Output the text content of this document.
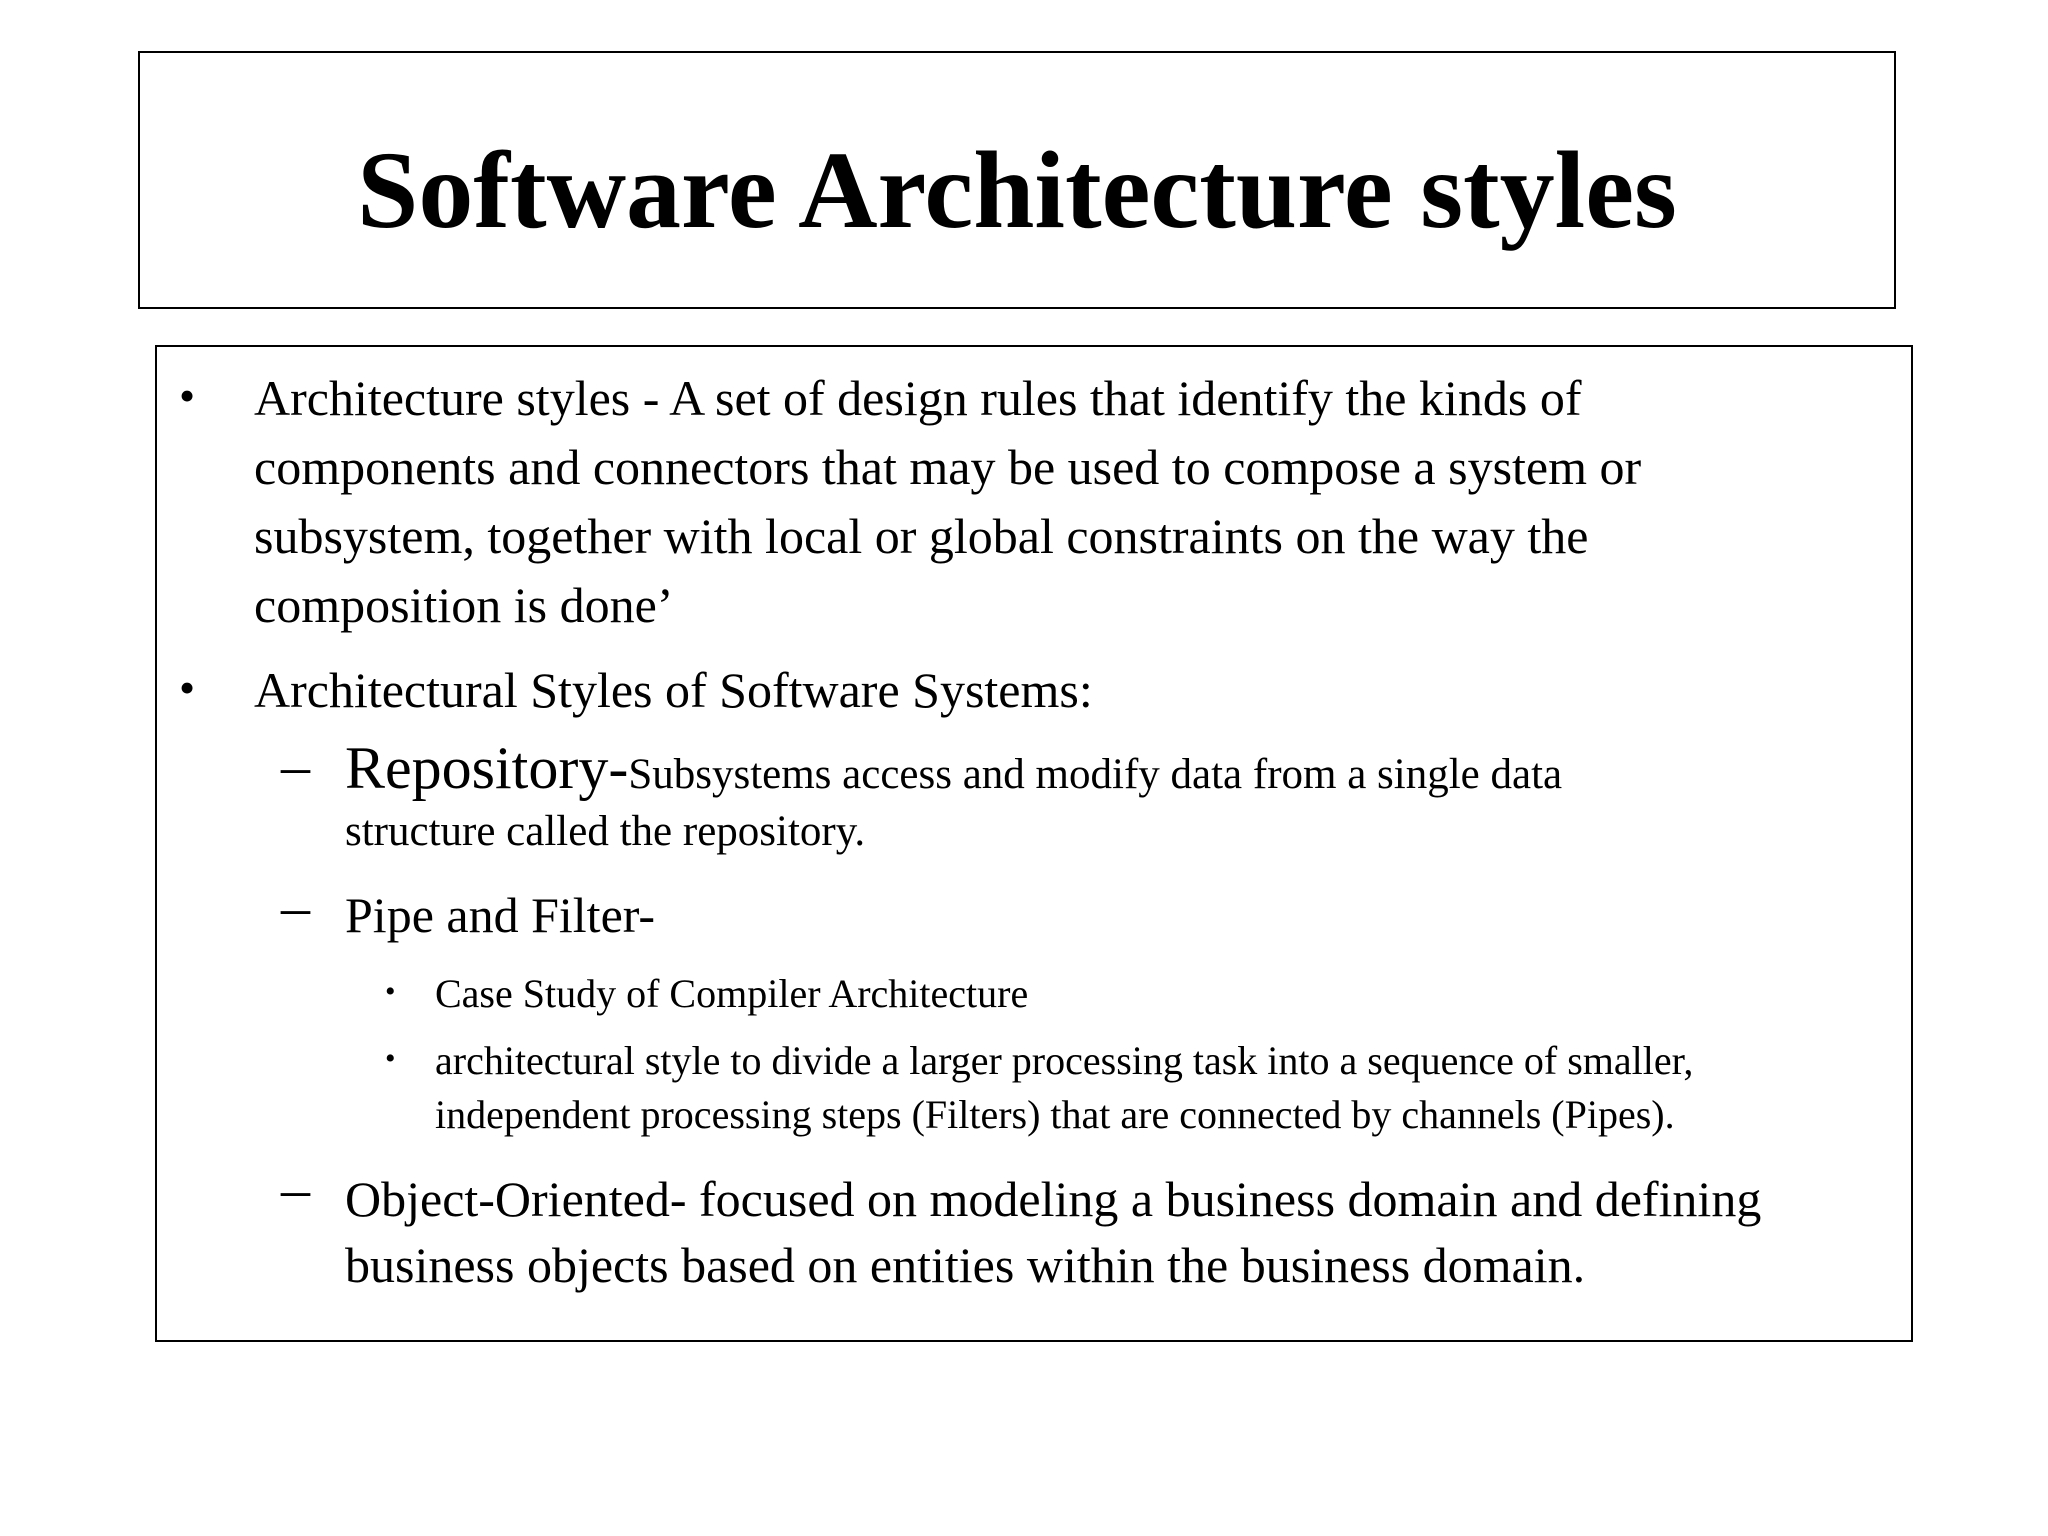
Software Architecture styles
• Architecture styles - A set of design rules that identify the kinds of
components and connectors that may be used to compose a system or
subsystem, together with local or global constraints on the way the
composition is done’
• Architectural Styles of Software Systems:
– Repository-Subsystems access and modify data from a single data
structure called the repository.
– Pipe and Filter-
• Case Study of Compiler Architecture
• architectural style to divide a larger processing task into a sequence of smaller,
independent processing steps (Filters) that are connected by channels (Pipes).
– Object-Oriented- focused on modeling a business domain and defining
business objects based on entities within the business domain.
